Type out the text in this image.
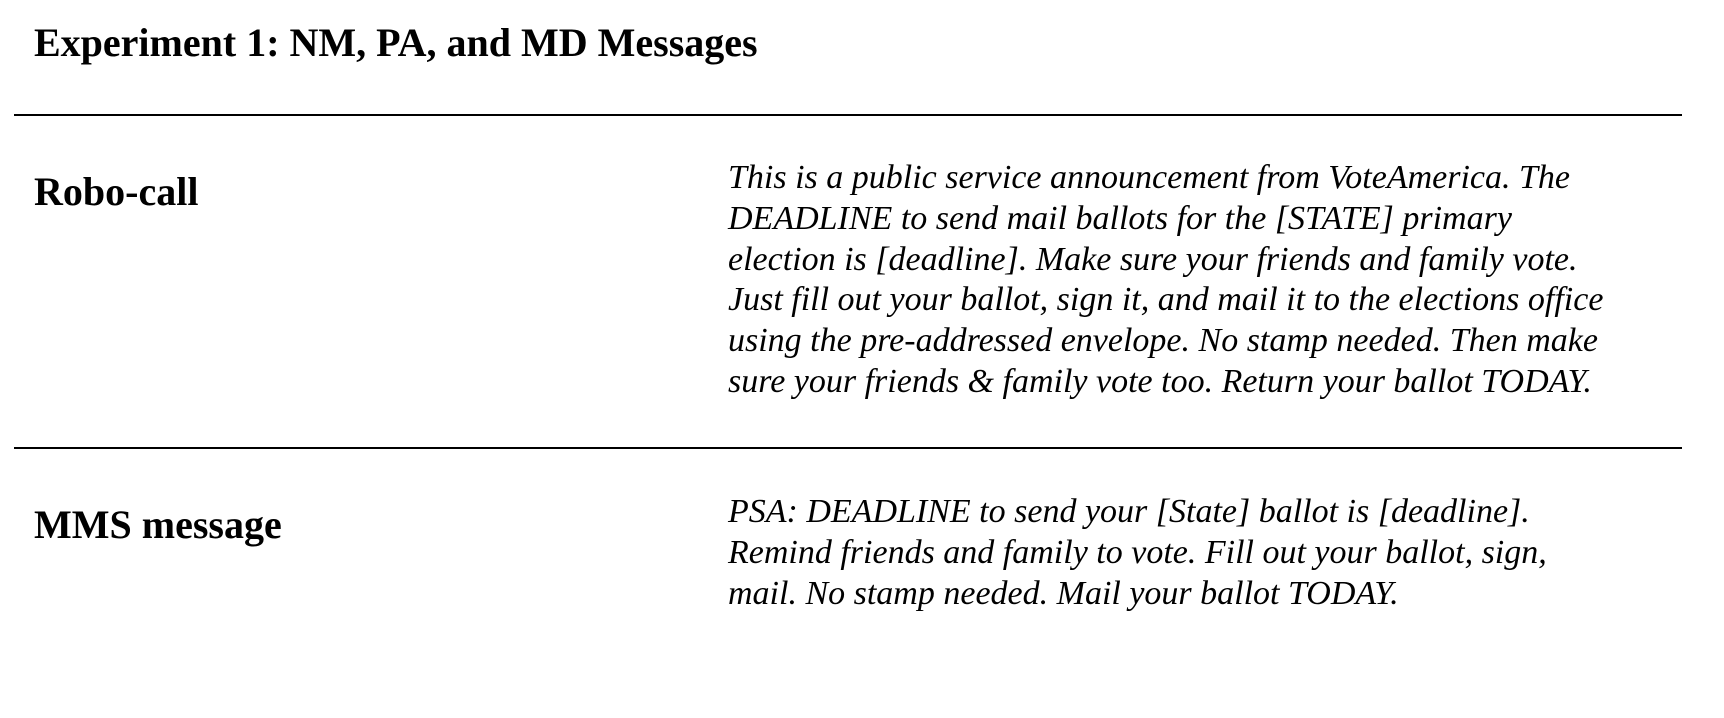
Experiment 1: NM, PA, and MD Messages
Robo-call	This is a public service announcement from VoteAmerica. The
DEADLINE to send mail ballots for the [STATE] primary
election is [deadline]. Make sure your friends and family vote.
Just fill out your ballot, sign it, and mail it to the elections office
using the pre-addressed envelope. No stamp needed. Then make
sure your friends & family vote too. Return your ballot TODAY.

MMS message	PSA: DEADLINE to send your [State] ballot is [deadline].
Remind friends and family to vote. Fill out your ballot, sign,
mail. No stamp needed. Mail your ballot TODAY.
